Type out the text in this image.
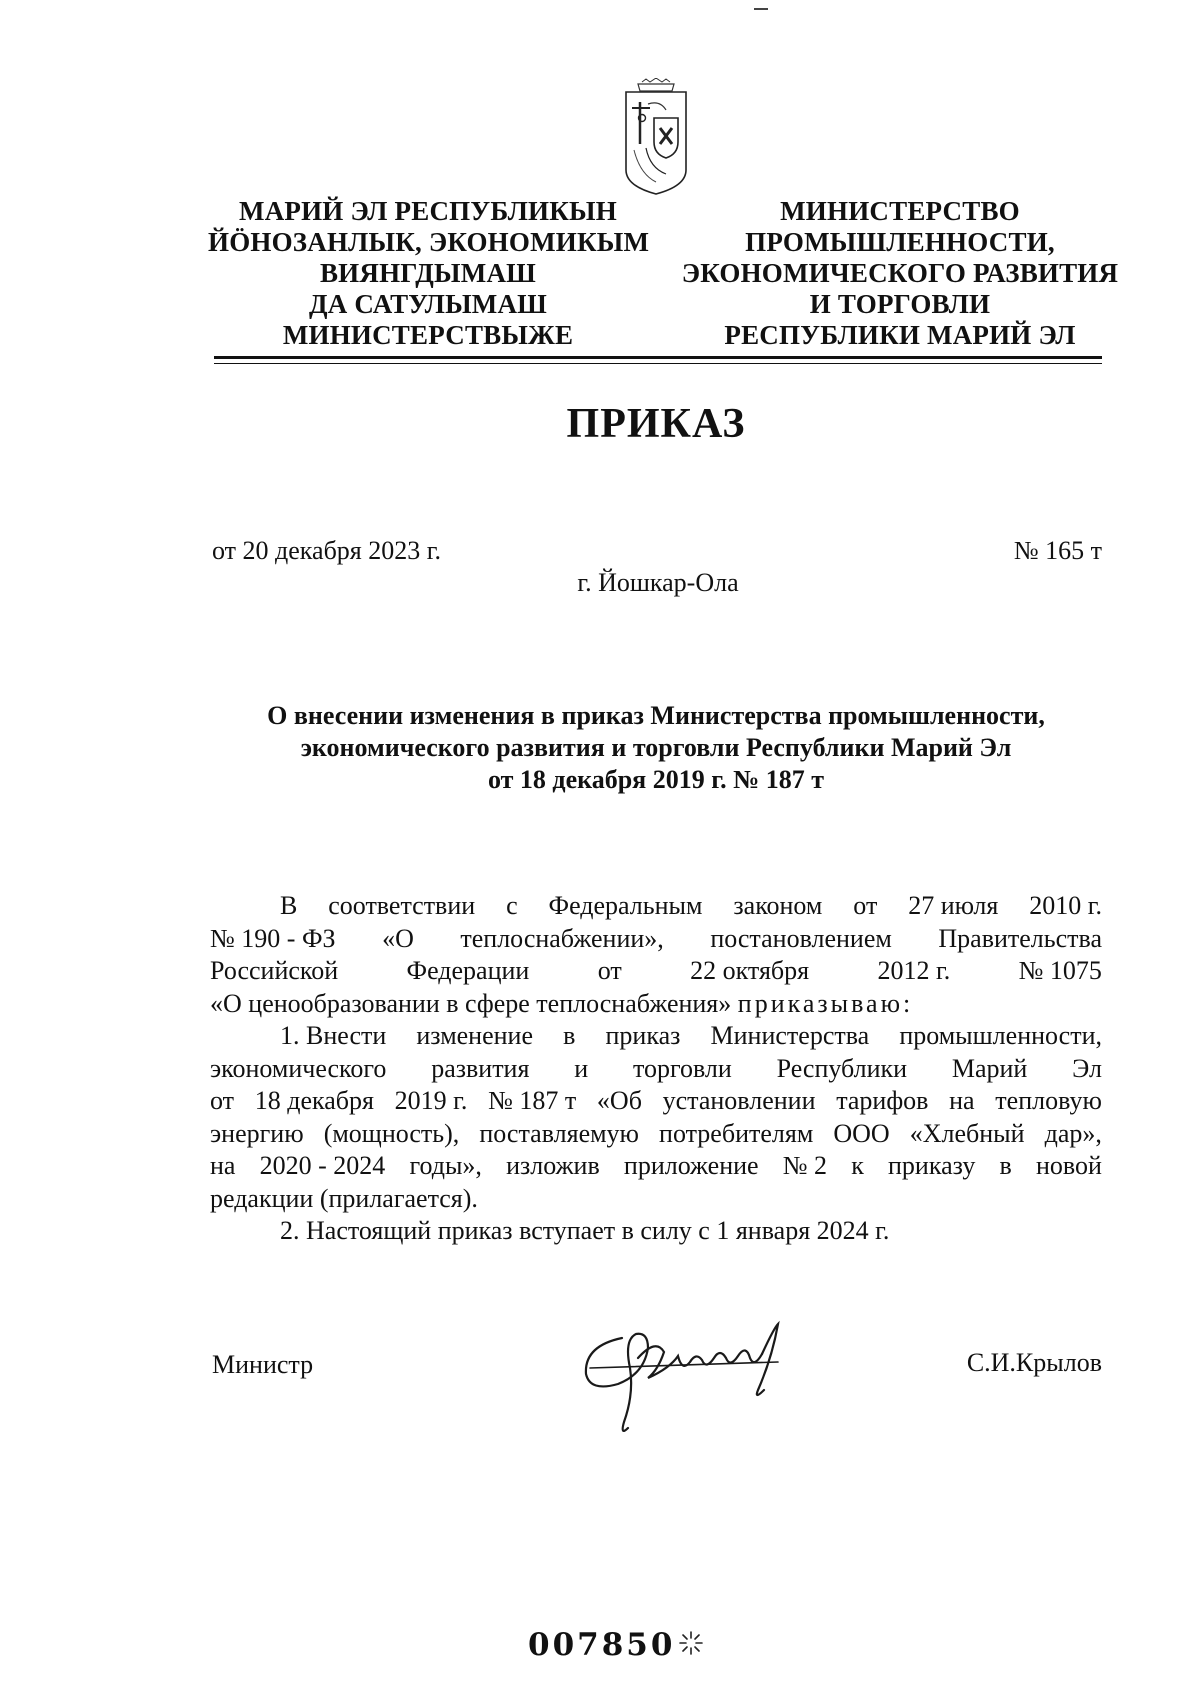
МАРИЙ ЭЛ РЕСПУБЛИКЫН
ЙӦНОЗАНЛЫК, ЭКОНОМИКЫМ
ВИЯНГДЫМАШ
ДА САТУЛЫМАШ
МИНИСТЕРСТВЫЖЕ
МИНИСТЕРСТВО
ПРОМЫШЛЕННОСТИ,
ЭКОНОМИЧЕСКОГО РАЗВИТИЯ
И ТОРГОВЛИ
РЕСПУБЛИКИ МАРИЙ ЭЛ
ПРИКАЗ
от 20 декабря 2023 г.	№ 165 т
г. Йошкар-Ола
О внесении изменения в приказ Министерства промышленности,
экономического развития и торговли Республики Марий Эл
от 18 декабря 2019 г. № 187 т
В соответствии с Федеральным законом от 27 июля 2010 г.
№ 190 - ФЗ «О теплоснабжении», постановлением Правительства
Российской	Федерации	от	22 октября	2012 г.	№ 1075
«О ценообразовании в сфере теплоснабжения» приказываю:
1. Внести изменение в приказ Министерства промышленности,
экономического развития и торговли Республики Марий Эл
от 18 декабря 2019 г. № 187 т «Об установлении тарифов на тепловую
энергию (мощность), поставляемую потребителям ООО «Хлебный дар»,
на 2020 - 2024 годы», изложив приложение № 2 к приказу в новой
редакции (прилагается).
2. Настоящий приказ вступает в силу с 1 января 2024 г.
Министр	С.И.Крылов
007850
